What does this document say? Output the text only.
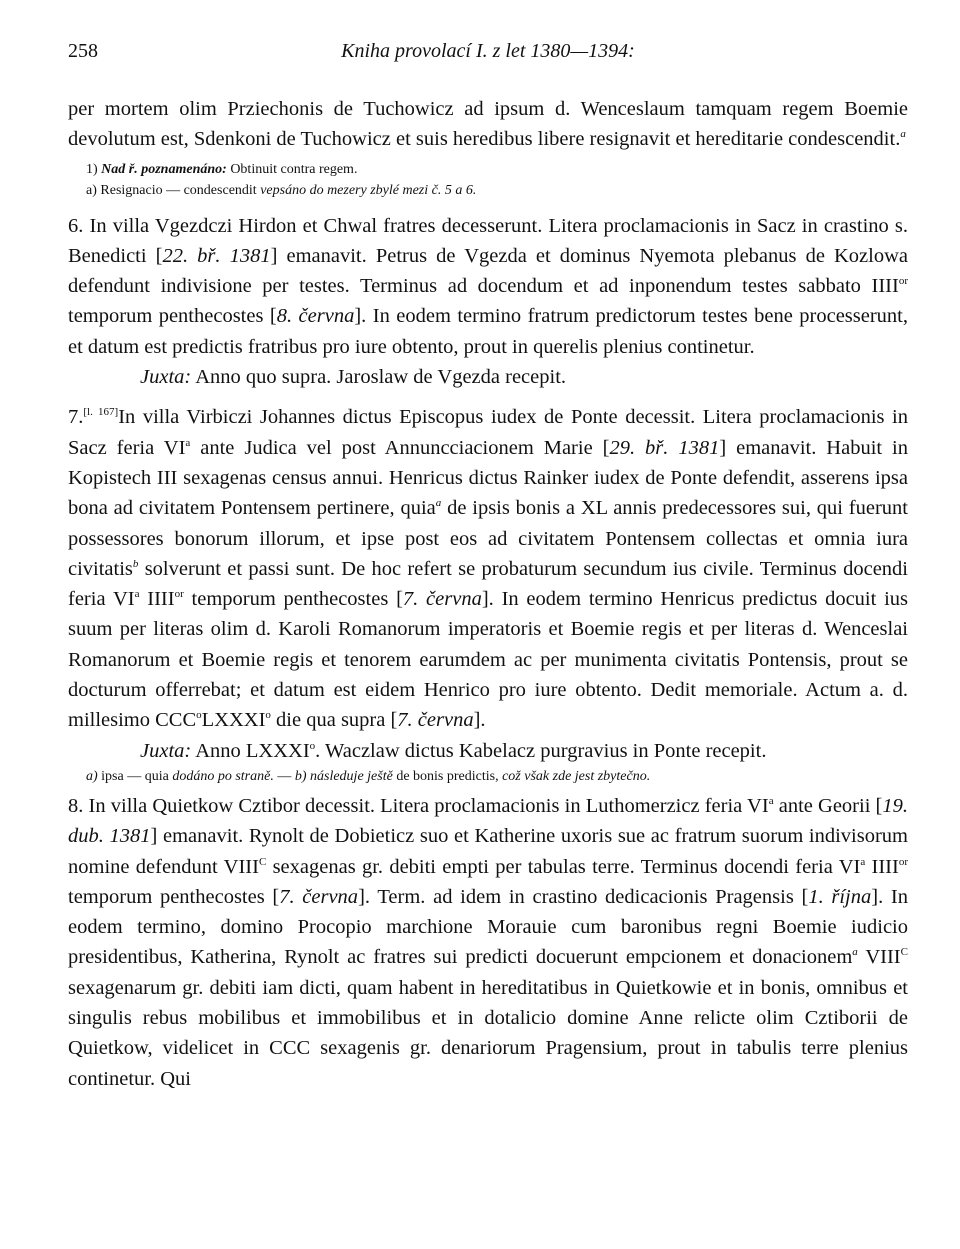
258	Kniha provolací I. z let 1380—1394:

per mortem olim Prziechonis de Tuchowicz ad ipsum d. Wenceslaum tamquam regem Boemie devolutum est, Sdenkoni de Tuchowicz et suis heredibus libere resignavit et hereditarie condescendit.$^a$

1) Nad ř. poznamenáno: Obtinuit contra regem.

a) Resignacio — condescendit vepsáno do mezery zbylé mezi č. 5 a 6.

6. In villa Vgezdczi Hirdon et Chwal fratres decesserunt. Litera proclamacionis in Sacz in crastino s. Benedicti [22. bř. 1381] emanavit. Petrus de Vgezda et dominus Nyemota plebanus de Kozlowa defendunt indivisione per testes. Terminus ad docendum et ad inponendum testes sabbato $IIII^{or}$ temporum penthecostes [8. června]. In eodem termino fratrum predictorum testes bene processerunt, et datum est predictis fratribus pro iure obtento, prout in querelis plenius continetur.

Juxta: Anno quo supra. Jaroslaw de Vgezda recepit.

7.[l. 167]In villa Virbiczi Johannes dictus Episcopus iudex de Ponte decessit. Litera proclamacionis in Sacz feria $VI^a$ ante Judica vel post Annuncciacionem Marie [29. bř. 1381] emanavit. Habuit in Kopistech III sexagenas census annui. Henricus dictus Rainker iudex de Ponte defendit, asserens ipsa bona ad civitatem Pontensem pertinere, quia$^a$ de ipsis bonis a XL annis predecessores sui, qui fuerunt possessores bonorum illorum, et ipse post eos ad civitatem Pontensem collectas et omnia iura civitatis$^b$ solverunt et passi sunt. De hoc refert se probaturum secundum ius civile. Terminus docendi feria $VI^a$ $IIII^{or}$ temporum penthecostes [7. června]. In eodem termino Henricus predictus docuit ius suum per literas olim d. Karoli Romanorum imperatoris et Boemie regis et per literas d. Wenceslai Romanorum et Boemie regis et tenorem earumdem ac per munimenta civitatis Pontensis, prout se docturum offerrebat; et datum est eidem Henrico pro iure obtento. Dedit memoriale. Actum a. d. millesimo CCC$^o$LXXXI$^o$ die qua supra [7. června].

Juxta: Anno LXXXI$^o$. Waczlaw dictus Kabelacz purgravius in Ponte recepit.

a) ipsa — quia dodáno po straně. — b) následuje ještě de bonis predictis, což však zde jest zbytečno.

8. In villa Quietkow Cztibor decessit. Litera proclamacionis in Luthomerzicz feria $VI^a$ ante Georii [19. dub. 1381] emanavit. Rynolt de Dobieticz suo et Katherine uxoris sue ac fratrum suorum indivisorum nomine defendunt $VIII^C$ sexagenas gr. debiti empti per tabulas terre. Terminus docendi feria $VI^a$ $IIII^{or}$ temporum penthecostes [7. června]. Term. ad idem in crastino dedicacionis Pragensis [1. října]. In eodem termino, domino Procopio marchione Morauie cum baronibus regni Boemie iudicio presidentibus, Katherina, Rynolt ac fratres sui predicti docuerunt empcionem et donacionem$^a$ $VIII^C$ sexagenarum gr. debiti iam dicti, quam habent in hereditatibus in Quietkowie et in bonis, omnibus et singulis rebus mobilibus et immobilibus et in dotalicio domine Anne relicte olim Cztiborii de Quietkow, videlicet in CCC sexagenis gr. denariorum Pragensium, prout in tabulis terre plenius continetur. Qui
